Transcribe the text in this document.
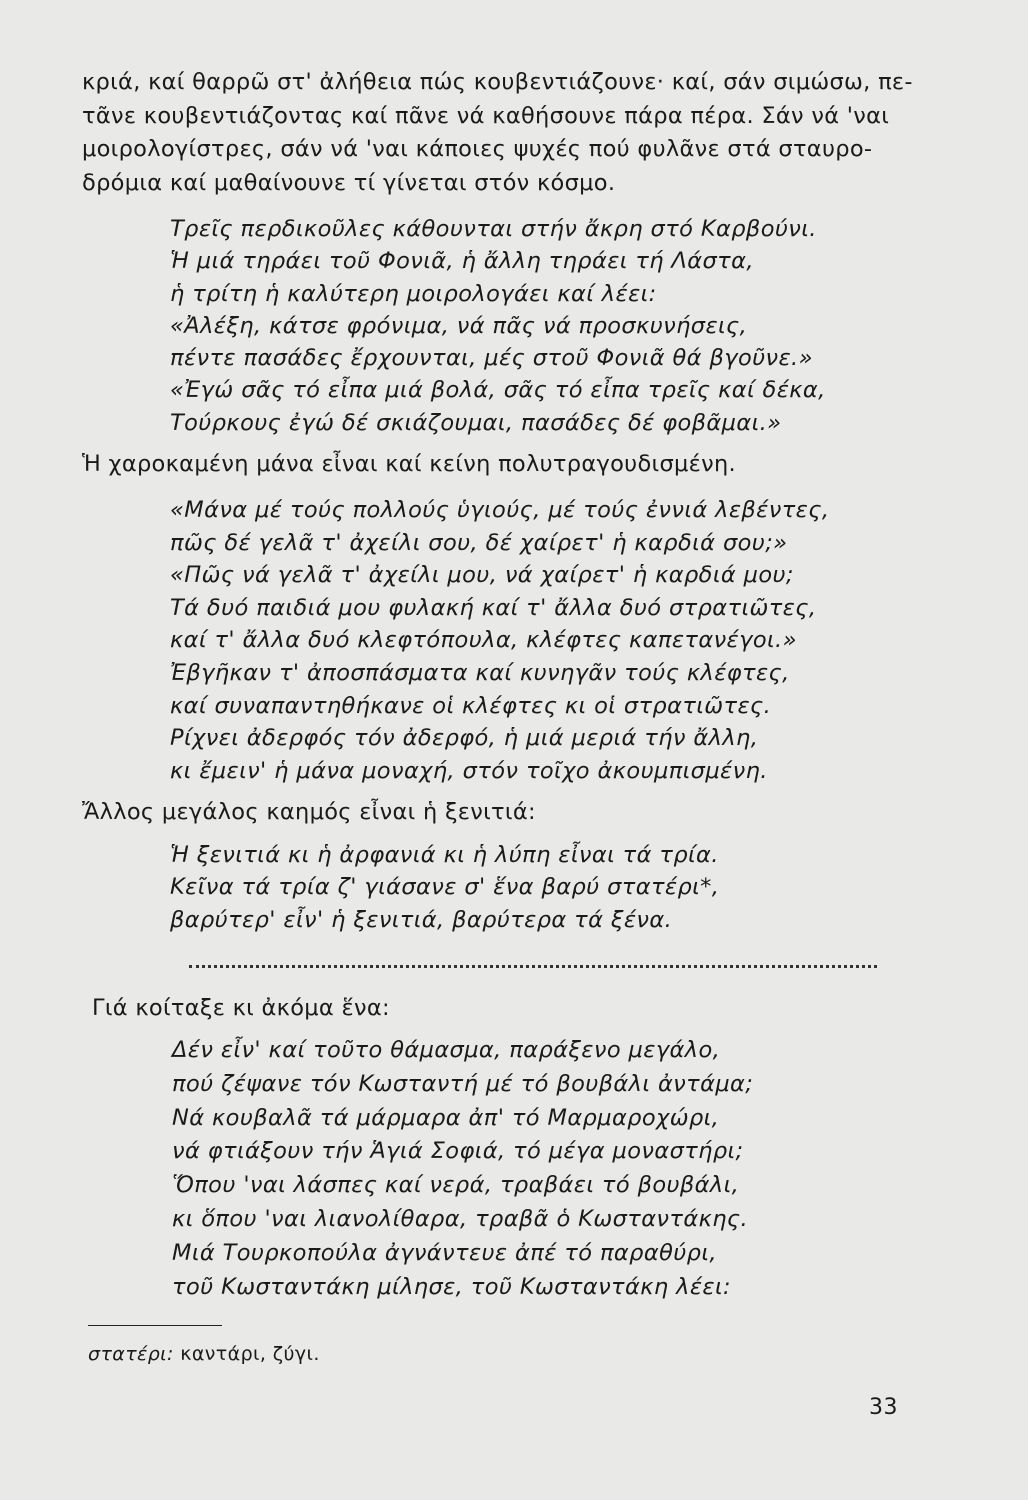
κριά, καί θαρρῶ στ' ἀλήθεια πώς κουβεντιάζουνε· καί, σάν σιμώσω, πε-
τᾶνε κουβεντιάζοντας καί πᾶνε νά καθήσουνε πάρα πέρα. Σάν νά 'ναι
μοιρολογίστρες, σάν νά 'ναι κάποιες ψυχές πού φυλᾶνε στά σταυρο-
δρόμια καί μαθαίνουνε τί γίνεται στόν κόσμο.
Τρεῖς περδικοῦλες κάθουνται στήν ἄκρη στό Καρβούνι.
Ἡ μιά τηράει τοῦ Φονιᾶ, ἡ ἄλλη τηράει τή Λάστα,
ἡ τρίτη ἡ καλύτερη μοιρολογάει καί λέει:
«Ἀλέξη, κάτσε φρόνιμα, νά πᾶς νά προσκυνήσεις,
πέντε πασάδες ἔρχουνται, μές στοῦ Φονιᾶ θά βγοῦνε.»
«Ἐγώ σᾶς τό εἶπα μιά βολά, σᾶς τό εἶπα τρεῖς καί δέκα,
Τούρκους ἐγώ δέ σκιάζουμαι, πασάδες δέ φοβᾶμαι.»
Ἡ χαροκαμένη μάνα εἶναι καί κείνη πολυτραγουδισμένη.
«Μάνα μέ τούς πολλούς ὑγιούς, μέ τούς ἐννιά λεβέντες,
πῶς δέ γελᾶ τ' ἀχείλι σου, δέ χαίρετ' ἡ καρδιά σου;»
«Πῶς νά γελᾶ τ' ἀχείλι μου, νά χαίρετ' ἡ καρδιά μου;
Τά δυό παιδιά μου φυλακή καί τ' ἄλλα δυό στρατιῶτες,
καί τ' ἄλλα δυό κλεφτόπουλα, κλέφτες καπετανέγοι.»
Ἐβγῆκαν τ' ἀποσπάσματα καί κυνηγᾶν τούς κλέφτες,
καί συναπαντηθήκανε οἱ κλέφτες κι οἱ στρατιῶτες.
Ρίχνει ἀδερφός τόν ἀδερφό, ἡ μιά μεριά τήν ἄλλη,
κι ἔμειν' ἡ μάνα μοναχή, στόν τοῖχο ἀκουμπισμένη.
Ἄλλος μεγάλος καημός εἶναι ἡ ξενιτιά:
Ἡ ξενιτιά κι ἡ ἀρφανιά κι ἡ λύπη εἶναι τά τρία.
Κεῖνα τά τρία ζ' γιάσανε σ' ἕνα βαρύ στατέρι*,
βαρύτερ' εἶν' ἡ ξενιτιά, βαρύτερα τά ξένα.
Γιά κοίταξε κι ἀκόμα ἕνα:
Δέν εἶν' καί τοῦτο θάμασμα, παράξενο μεγάλο,
πού ζέψανε τόν Κωσταντή μέ τό βουβάλι ἀντάμα;
Νά κουβαλᾶ τά μάρμαρα ἀπ' τό Μαρμαροχώρι,
νά φτιάξουν τήν Ἁγιά Σοφιά, τό μέγα μοναστήρι;
Ὅπου 'ναι λάσπες καί νερά, τραβάει τό βουβάλι,
κι ὅπου 'ναι λιανολίθαρα, τραβᾶ ὁ Κωσταντάκης.
Μιά Τουρκοπούλα ἀγνάντευε ἀπέ τό παραθύρι,
τοῦ Κωσταντάκη μίλησε, τοῦ Κωσταντάκη λέει:
στατέρι: καντάρι, ζύγι.
33
